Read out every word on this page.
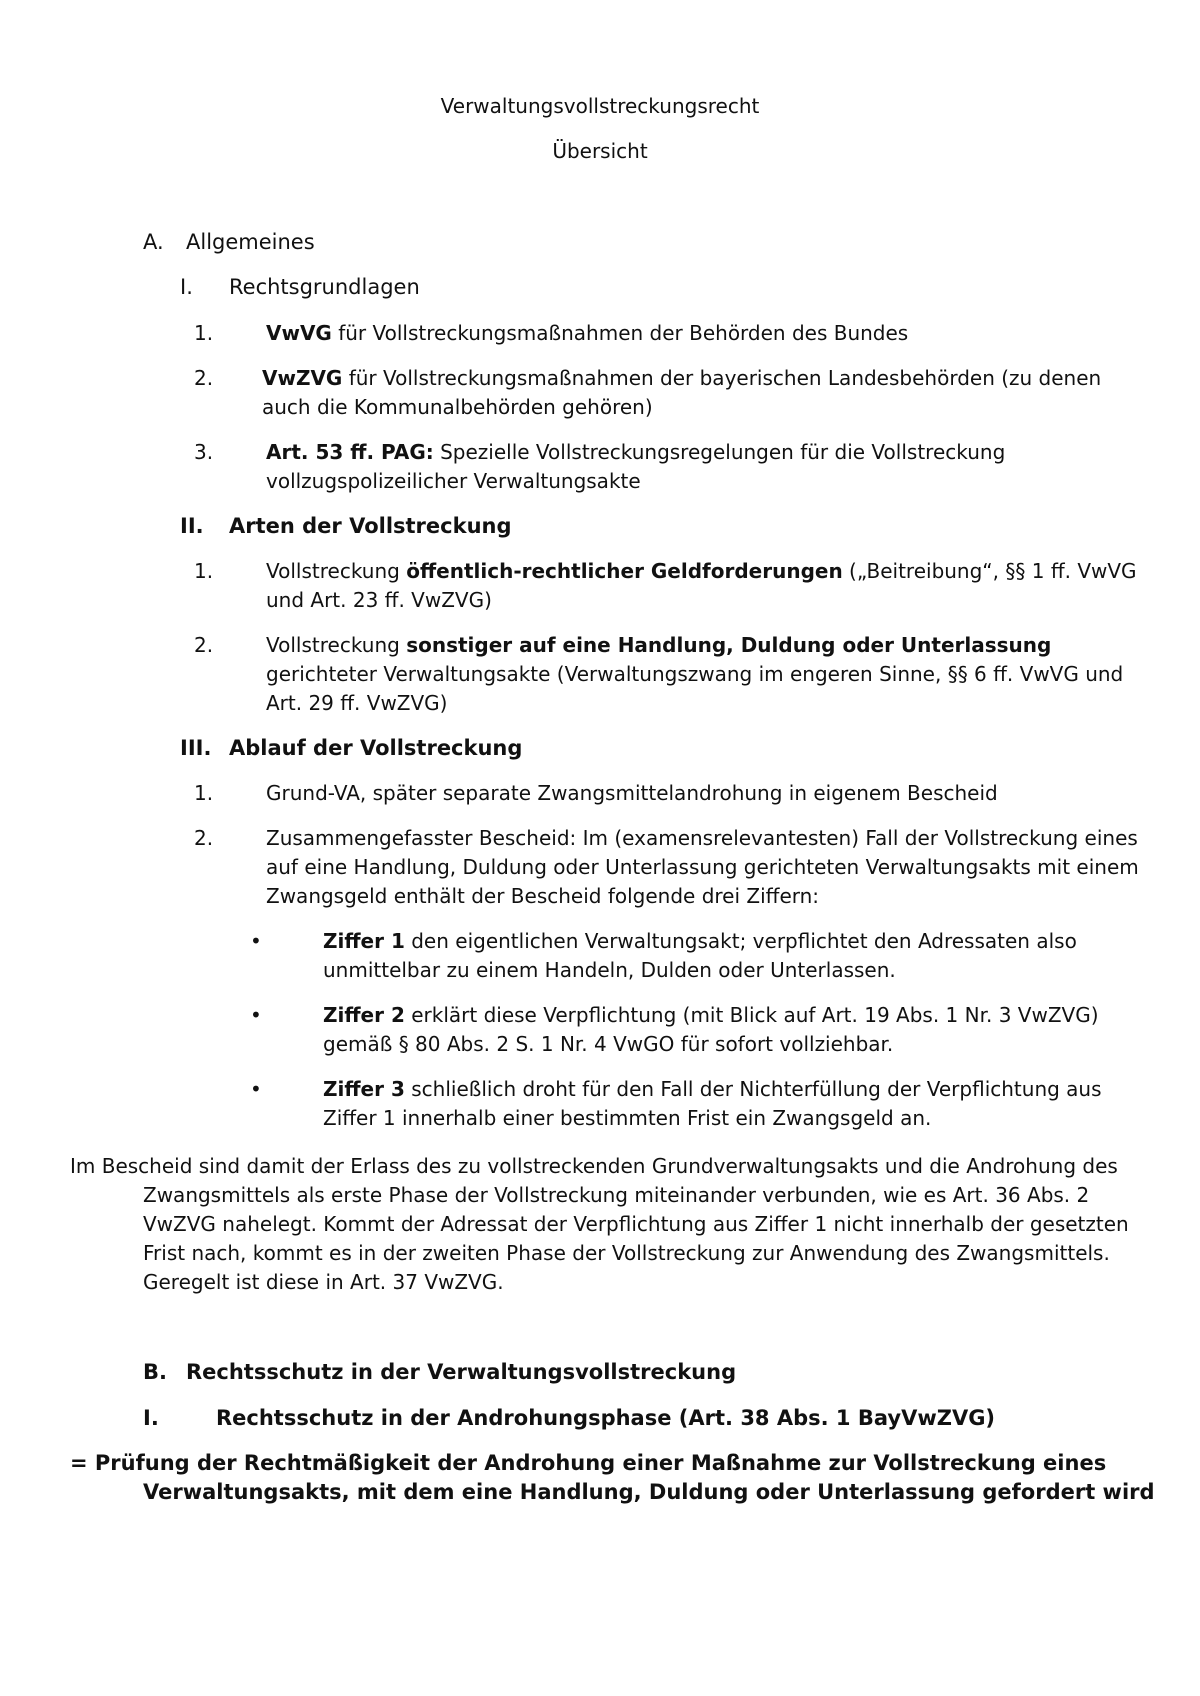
Verwaltungsvollstreckungsrecht
Übersicht
A. Allgemeines
I. Rechtsgrundlagen
1.	VwVG für Vollstreckungsmaßnahmen der Behörden des Bundes
2. VwZVG für Vollstreckungsmaßnahmen der bayerischen Landesbehörden (zu denen
auch die Kommunalbehörden gehören)
3.	Art. 53 ff. PAG: Spezielle Vollstreckungsregelungen für die Vollstreckung
vollzugspolizeilicher Verwaltungsakte
II. Arten der Vollstreckung
1.	Vollstreckung öffentlich-rechtlicher Geldforderungen („Beitreibung“, §§ 1 ff. VwVG
und Art. 23 ff. VwZVG)
2.	Vollstreckung sonstiger auf eine Handlung, Duldung oder Unterlassung
gerichteter Verwaltungsakte (Verwaltungszwang im engeren Sinne, §§ 6 ff. VwVG und
Art. 29 ff. VwZVG)
III. Ablauf der Vollstreckung
1.	Grund-VA, später separate Zwangsmittelandrohung in eigenem Bescheid
2.	Zusammengefasster Bescheid: Im (examensrelevantesten) Fall der Vollstreckung eines
auf eine Handlung, Duldung oder Unterlassung gerichteten Verwaltungsakts mit einem
Zwangsgeld enthält der Bescheid folgende drei Ziffern:
•	Ziffer 1 den eigentlichen Verwaltungsakt; verpflichtet den Adressaten also
unmittelbar zu einem Handeln, Dulden oder Unterlassen.
•	Ziffer 2 erklärt diese Verpflichtung (mit Blick auf Art. 19 Abs. 1 Nr. 3 VwZVG)
gemäß § 80 Abs. 2 S. 1 Nr. 4 VwGO für sofort vollziehbar.
•	Ziffer 3 schließlich droht für den Fall der Nichterfüllung der Verpflichtung aus
Ziffer 1 innerhalb einer bestimmten Frist ein Zwangsgeld an.
Im Bescheid sind damit der Erlass des zu vollstreckenden Grundverwaltungsakts und die Androhung des
Zwangsmittels als erste Phase der Vollstreckung miteinander verbunden, wie es Art. 36 Abs. 2
VwZVG nahelegt. Kommt der Adressat der Verpflichtung aus Ziffer 1 nicht innerhalb der gesetzten
Frist nach, kommt es in der zweiten Phase der Vollstreckung zur Anwendung des Zwangsmittels.
Geregelt ist diese in Art. 37 VwZVG.
B. Rechtsschutz in der Verwaltungsvollstreckung
I.	Rechtsschutz in der Androhungsphase (Art. 38 Abs. 1 BayVwZVG)
= Prüfung der Rechtmäßigkeit der Androhung einer Maßnahme zur Vollstreckung eines
Verwaltungsakts, mit dem eine Handlung, Duldung oder Unterlassung gefordert wird
